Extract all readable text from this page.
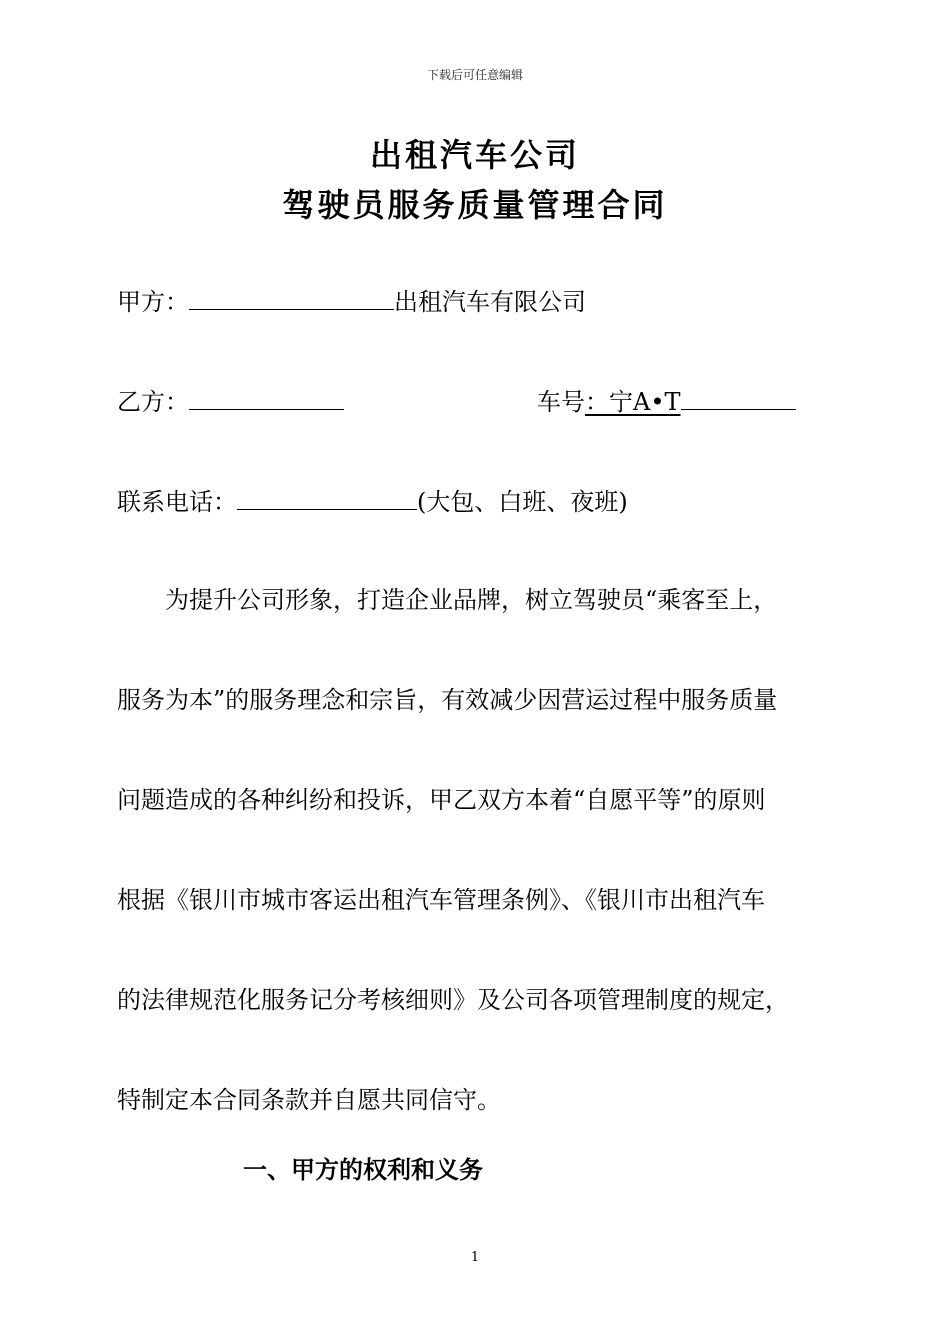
下载后可任意编辑
出租汽车公司
驾驶员服务质量管理合同
甲方：	出租汽车有限公司
乙方：	车号：宁A•T
联系电话：	(大包、白班、夜班)
　　为提升公司形象，打造企业品牌，树立驾驶员“乘客至上，
服务为本”的服务理念和宗旨，有效减少因营运过程中服务质量
问题造成的各种纠纷和投诉，甲乙双方本着“自愿平等”的原则
根据《银川市城市客运出租汽车管理条例》、《银川市出租汽车
的法律规范化服务记分考核细则》及公司各项管理制度的规定，
特制定本合同条款并自愿共同信守。
一、甲方的权利和义务
1
